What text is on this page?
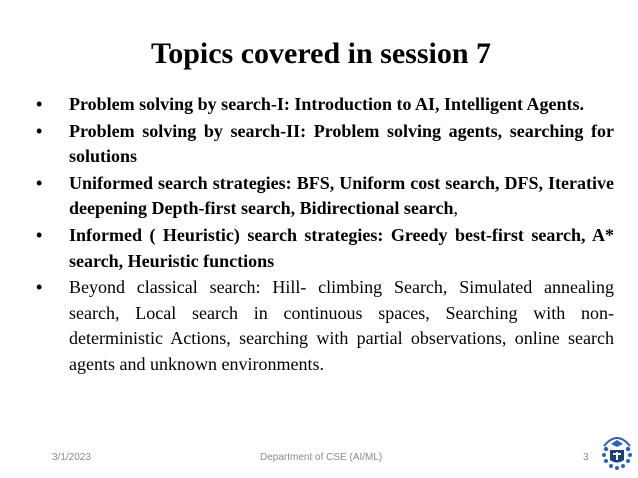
Topics covered in session 7
• Problem solving by search-I: Introduction to AI, Intelligent Agents.
• Problem solving by search-II: Problem solving agents, searching for solutions
• Uniformed search strategies: BFS, Uniform cost search, DFS, Iterative deepening Depth-first search, Bidirectional search,
• Informed ( Heuristic) search strategies: Greedy best-first search, A* search, Heuristic functions
• Beyond classical search: Hill- climbing Search, Simulated annealing search, Local search in continuous spaces, Searching with non-deterministic Actions, searching with partial observations, online search agents and unknown environments.
3/1/2023	Department of CSE (AI/ML)	3
